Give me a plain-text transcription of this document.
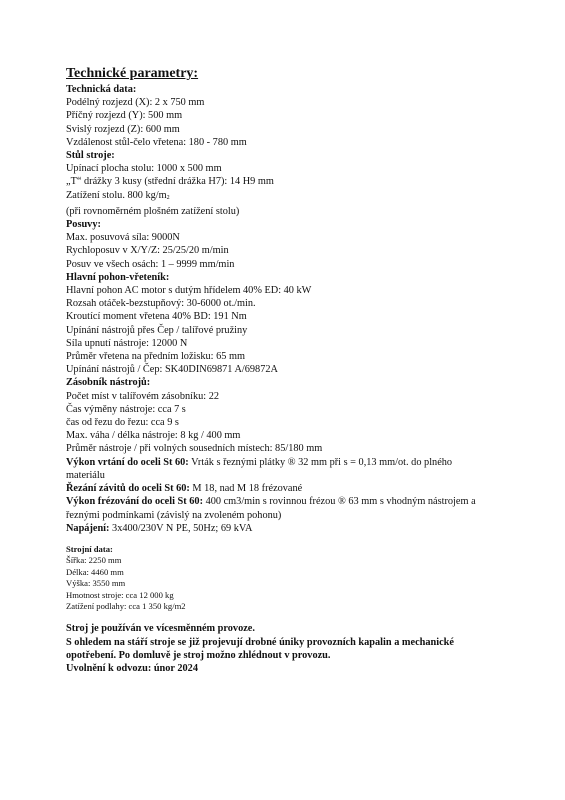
Technické parametry:
Technická data:
Podélný rozjezd (X): 2 x 750 mm
Příčný rozjezd (Y): 500 mm
Svislý rozjezd (Z): 600 mm
Vzdálenost stůl-čelo vřetena: 180 - 780 mm
Stůl stroje:
Upínací plocha stolu: 1000 x 500 mm
„T“ drážky 3 kusy (střední drážka H7): 14 H9 mm
Zatížení stolu. 800 $kg/m_2$
(při rovnoměrném plošném zatížení stolu)
Posuvy:
Max. posuvová síla: 9000N
Rychloposuv v X/Y/Z: 25/25/20 m/min
Posuv ve všech osách: 1 – 9999 mm/min
Hlavní pohon-vřeteník:
Hlavní pohon AC motor s dutým hřídelem 40% ED: 40 kW
Rozsah otáček-bezstupňový: 30-6000 ot./min.
Kroutící moment vřetena 40% BD: 191 Nm
Upínání nástrojů přes Čep / talířové pružiny
Síla upnutí nástroje: 12000 N
Průměr vřetena na předním ložisku: 65 mm
Upínání nástrojů / Čep: SK40DIN69871 A/69872A
Zásobník nástrojů:
Počet míst v talířovém zásobníku: 22
Čas výměny nástroje: cca 7 s
čas od řezu do řezu: cca 9 s
Max. váha / délka nástroje: 8 kg / 400 mm
Průměr nástroje / při volných sousedních místech: 85/180 mm
Výkon vrtání do oceli St 60: Vrták s řeznými plátky ® 32 mm při s = 0,13 mm/ot. do plného
materiálu
Řezání závitů do oceli St 60: M 18, nad M 18 frézované
Výkon frézování do oceli St 60: 400 cm3/min s rovinnou frézou ® 63 mm s vhodným nástrojem a
řeznými podmínkami (závislý na zvoleném pohonu)
Napájení: 3x400/230V N PE, 50Hz; 69 kVA
Strojní data:
Šířka: 2250 mm
Délka: 4460 mm
Výška: 3550 mm
Hmotnost stroje: cca 12 000 kg
Zatížení podlahy: cca 1 350 kg/m2
Stroj je používán ve vícesměnném provoze.
S ohledem na stáří stroje se již projevují drobné úniky provozních kapalin a mechanické
opotřebení. Po domluvě je stroj možno zhlédnout v provozu.
Uvolnění k odvozu: únor 2024
